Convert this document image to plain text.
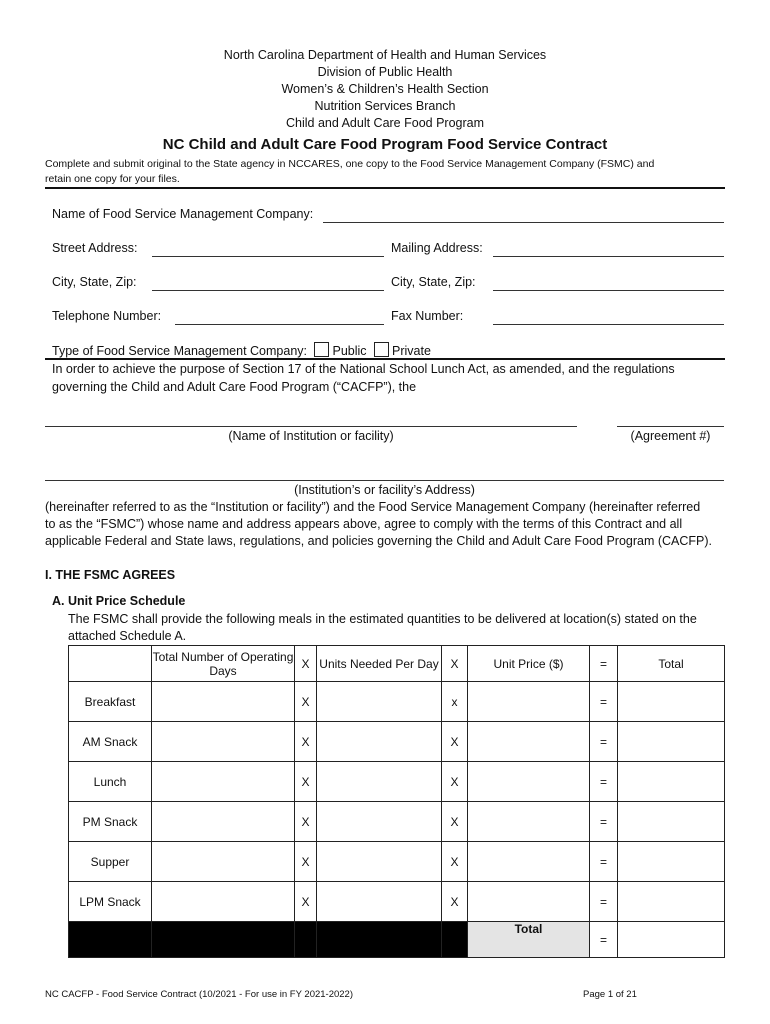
North Carolina Department of Health and Human Services
Division of Public Health
Women’s & Children’s Health Section
Nutrition Services Branch
Child and Adult Care Food Program
NC Child and Adult Care Food Program Food Service Contract
Complete and submit original to the State agency in NCCARES, one copy to the Food Service Management Company (FSMC) and
retain one copy for your files.
Name of Food Service Management Company:
Street Address:	Mailing Address:
City, State, Zip:	City, State, Zip:
Telephone Number:	Fax Number:
Type of Food Service Management Company: Public Private
In order to achieve the purpose of Section 17 of the National School Lunch Act, as amended, and the regulations
governing the Child and Adult Care Food Program (“CACFP”), the
(Name of Institution or facility)	(Agreement #)
(Institution’s or facility’s Address)
(hereinafter referred to as the “Institution or facility”) and the Food Service Management Company (hereinafter referred
to as the “FSMC”) whose name and address appears above, agree to comply with the terms of this Contract and all
applicable Federal and State laws, regulations, and policies governing the Child and Adult Care Food Program (CACFP).
I. THE FSMC AGREES
A. Unit Price Schedule
The FSMC shall provide the following meals in the estimated quantities to be delivered at location(s) stated on the
attached Schedule A.
	Total Number of Operating Days	X	Units Needed Per Day	X	Unit Price ($)	=	Total
Breakfast		X		x		=	
AM Snack		X		X		=	
Lunch		X		X		=	
PM Snack		X		X		=	
Supper		X		X		=	
LPM Snack		X		X		=	
					Total	=	
NC CACFP - Food Service Contract (10/2021 - For use in FY 2021-2022)	Page 1 of 21
